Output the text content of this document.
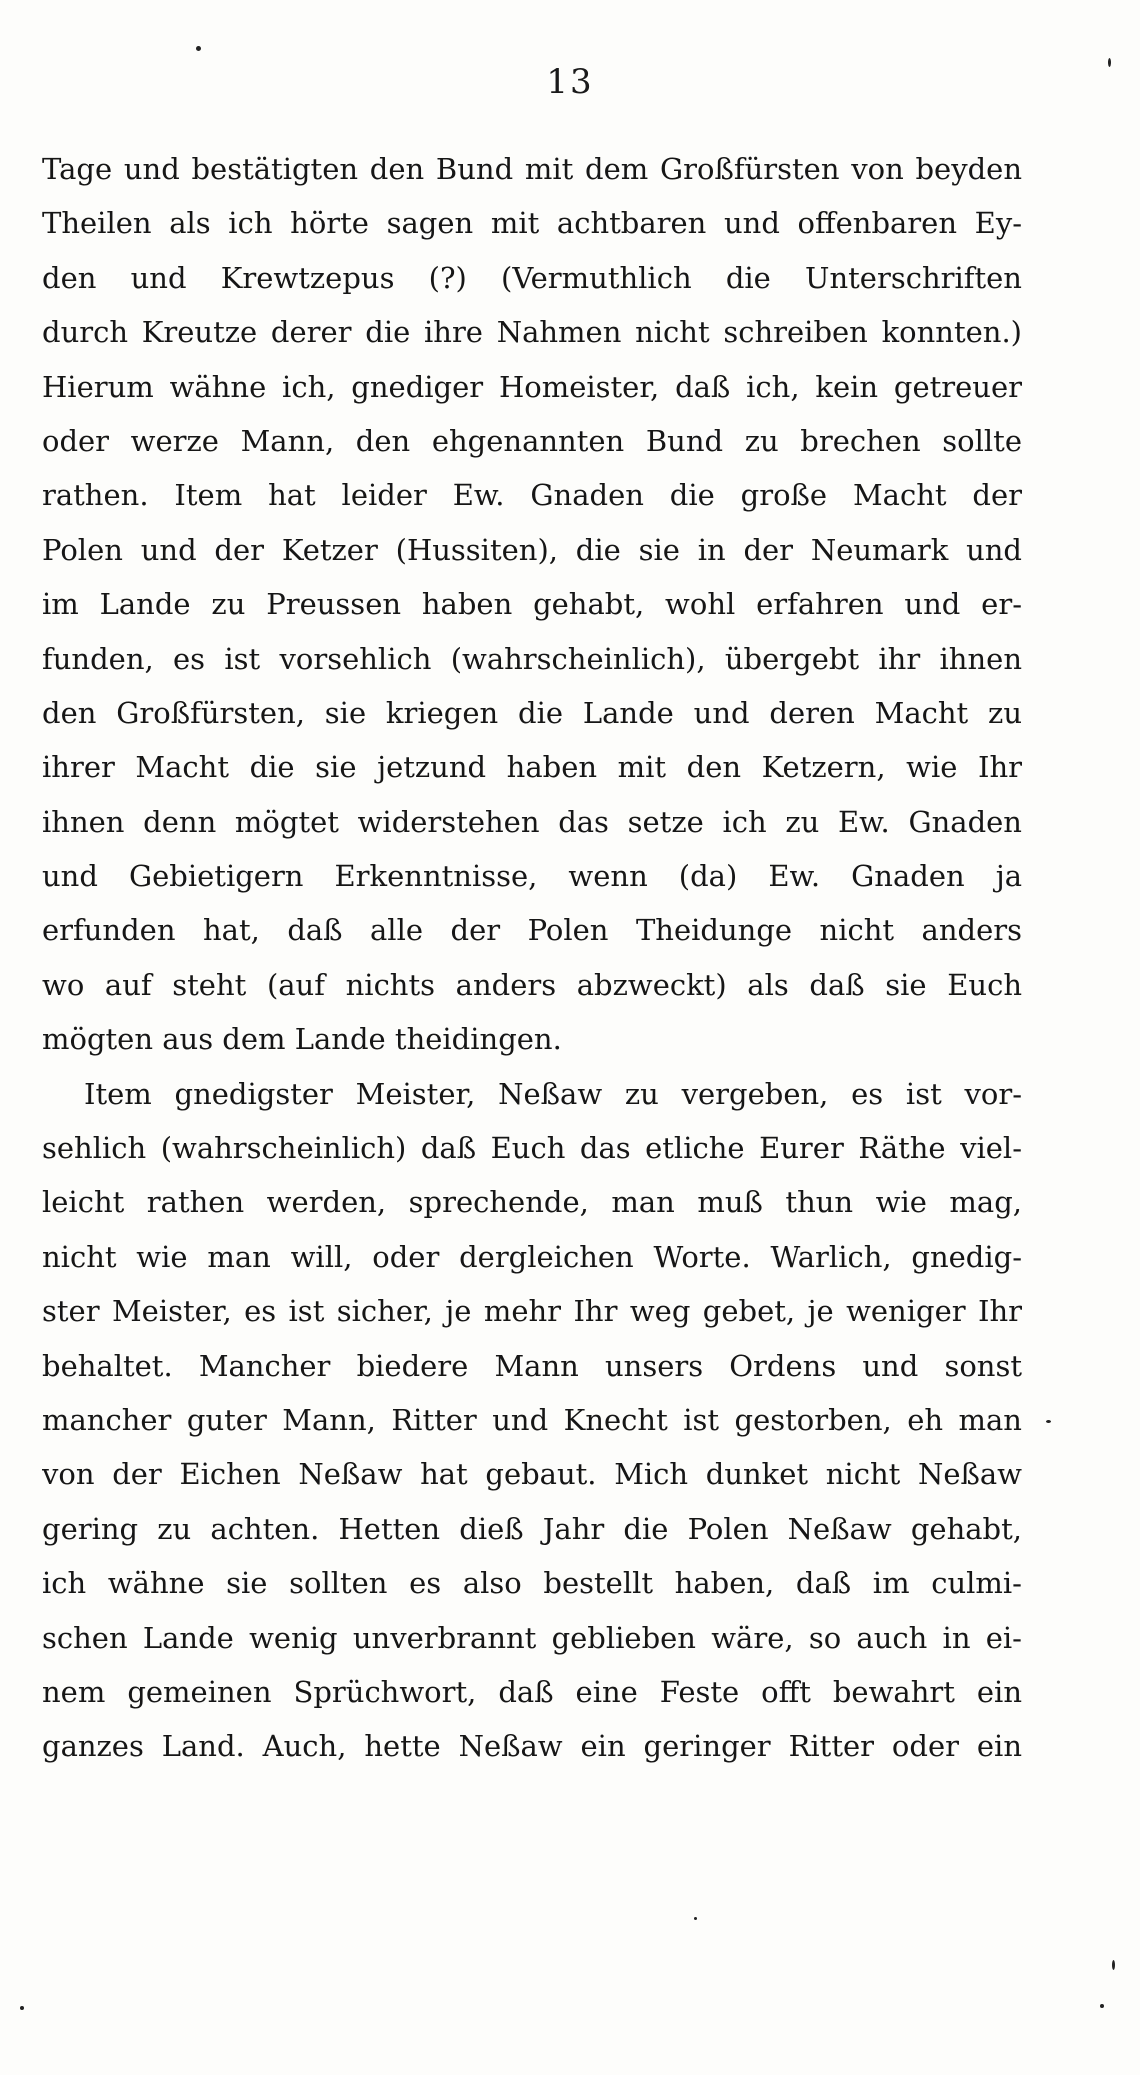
13
Tage und bestätigten den Bund mit dem Großfürsten von beyden
Theilen als ich hörte sagen mit achtbaren und offenbaren Ey-
den und Krewtzepus (?) (Vermuthlich die Unterschriften
durch Kreutze derer die ihre Nahmen nicht schreiben konnten.)
Hierum wähne ich, gnediger Homeister, daß ich, kein getreuer
oder werze Mann, den ehgenannten Bund zu brechen sollte
rathen. Item hat leider Ew. Gnaden die große Macht der
Polen und der Ketzer (Hussiten), die sie in der Neumark und
im Lande zu Preussen haben gehabt, wohl erfahren und er-
funden, es ist vorsehlich (wahrscheinlich), übergebt ihr ihnen
den Großfürsten, sie kriegen die Lande und deren Macht zu
ihrer Macht die sie jetzund haben mit den Ketzern, wie Ihr
ihnen denn mögtet widerstehen das setze ich zu Ew. Gnaden
und Gebietigern Erkenntnisse, wenn (da) Ew. Gnaden ja
erfunden hat, daß alle der Polen Theidunge nicht anders
wo auf steht (auf nichts anders abzweckt) als daß sie Euch
mögten aus dem Lande theidingen.
Item gnedigster Meister, Neßaw zu vergeben, es ist vor-
sehlich (wahrscheinlich) daß Euch das etliche Eurer Räthe viel-
leicht rathen werden, sprechende, man muß thun wie mag,
nicht wie man will, oder dergleichen Worte. Warlich, gnedig-
ster Meister, es ist sicher, je mehr Ihr weg gebet, je weniger Ihr
behaltet. Mancher biedere Mann unsers Ordens und sonst
mancher guter Mann, Ritter und Knecht ist gestorben, eh man
von der Eichen Neßaw hat gebaut. Mich dunket nicht Neßaw
gering zu achten. Hetten dieß Jahr die Polen Neßaw gehabt,
ich wähne sie sollten es also bestellt haben, daß im culmi-
schen Lande wenig unverbrannt geblieben wäre, so auch in ei-
nem gemeinen Sprüchwort, daß eine Feste offt bewahrt ein
ganzes Land. Auch, hette Neßaw ein geringer Ritter oder ein
